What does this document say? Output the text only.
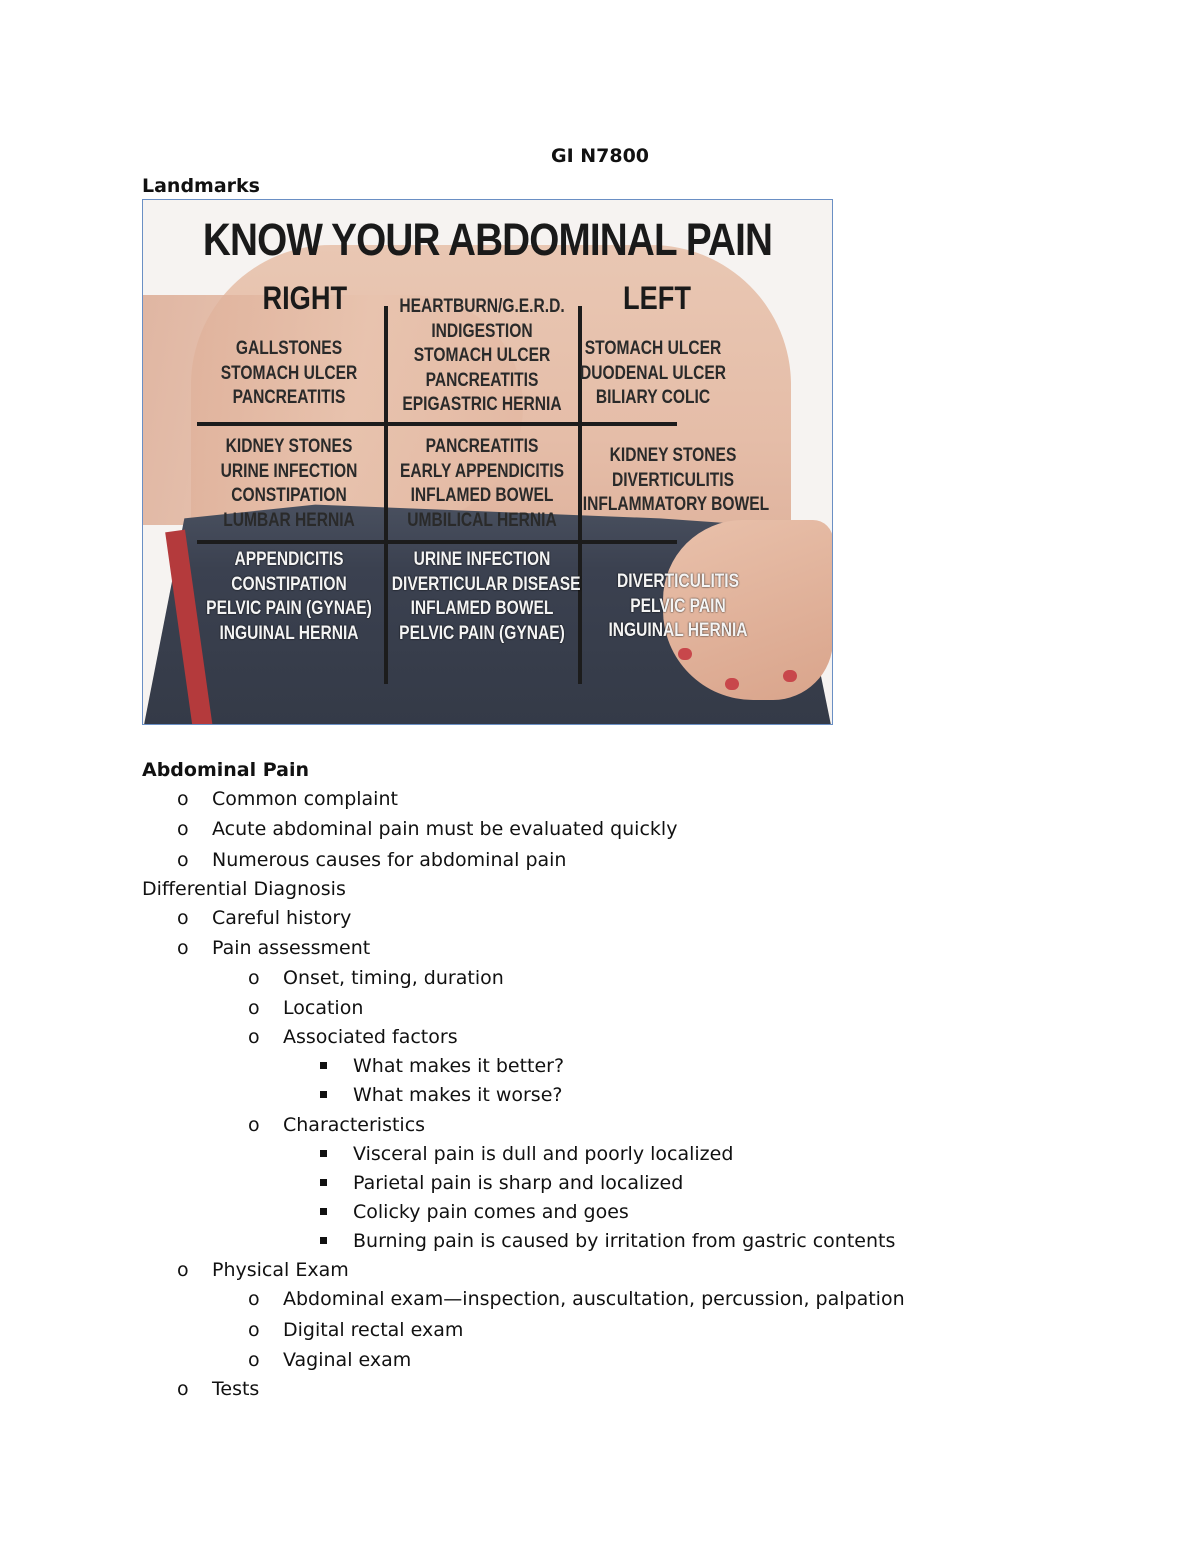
GI N7800
Landmarks
KNOW YOUR ABDOMINAL PAIN
RIGHT	LEFT
GALLSTONES
STOMACH ULCER
PANCREATITIS
HEARTBURN/G.E.R.D.
INDIGESTION
STOMACH ULCER
PANCREATITIS
EPIGASTRIC HERNIA
STOMACH ULCER
DUODENAL ULCER
BILIARY COLIC
KIDNEY STONES
URINE INFECTION
CONSTIPATION
LUMBAR HERNIA
PANCREATITIS
EARLY APPENDICITIS
INFLAMED BOWEL
UMBILICAL HERNIA
KIDNEY STONES
DIVERTICULITIS
INFLAMMATORY BOWEL
APPENDICITIS
CONSTIPATION
PELVIC PAIN (GYNAE)
INGUINAL HERNIA
URINE INFECTION
DIVERTICULAR DISEASE
INFLAMED BOWEL
PELVIC PAIN (GYNAE)
DIVERTICULITIS
PELVIC PAIN
INGUINAL HERNIA
Abdominal Pain
o Common complaint
o Acute abdominal pain must be evaluated quickly
o Numerous causes for abdominal pain
Differential Diagnosis
o Careful history
o Pain assessment
o Onset, timing, duration
o Location
o Associated factors
What makes it better?
What makes it worse?
o Characteristics
Visceral pain is dull and poorly localized
Parietal pain is sharp and localized
Colicky pain comes and goes
Burning pain is caused by irritation from gastric contents
o Physical Exam
o Abdominal exam—inspection, auscultation, percussion, palpation
o Digital rectal exam
o Vaginal exam
o Tests
